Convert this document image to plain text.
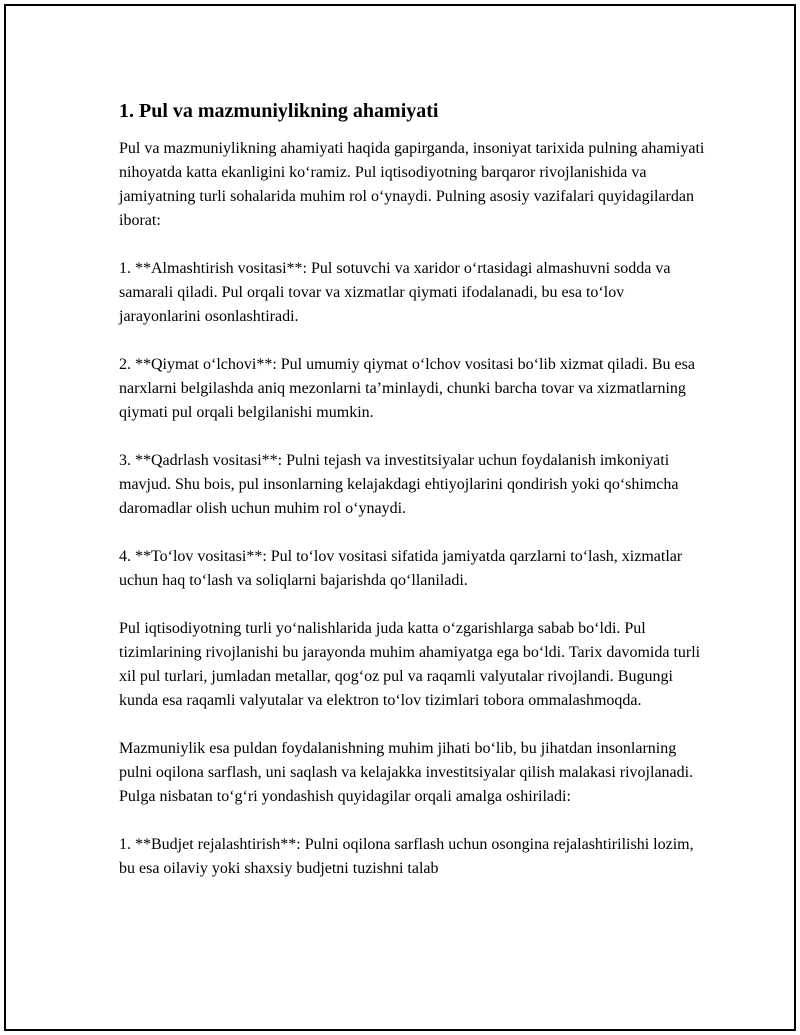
1. Pul va mazmuniylikning ahamiyati

Pul va mazmuniylikning ahamiyati haqida gapirganda, insoniyat tarixida pulning ahamiyati nihoyatda katta ekanligini koʻramiz. Pul iqtisodiyotning barqaror rivojlanishida va jamiyatning turli sohalarida muhim rol oʻynaydi. Pulning asosiy vazifalari quyidagilardan iborat:

1. **Almashtirish vositasi**: Pul sotuvchi va xaridor oʻrtasidagi almashuvni sodda va samarali qiladi. Pul orqali tovar va xizmatlar qiymati ifodalanadi, bu esa toʻlov jarayonlarini osonlashtiradi.

2. **Qiymat oʻlchovi**: Pul umumiy qiymat oʻlchov vositasi boʻlib xizmat qiladi. Bu esa narxlarni belgilashda aniq mezonlarni taʼminlaydi, chunki barcha tovar va xizmatlarning qiymati pul orqali belgilanishi mumkin.

3. **Qadrlash vositasi**: Pulni tejash va investitsiyalar uchun foydalanish imkoniyati mavjud. Shu bois, pul insonlarning kelajakdagi ehtiyojlarini qondirish yoki qoʻshimcha daromadlar olish uchun muhim rol oʻynaydi.

4. **Toʻlov vositasi**: Pul toʻlov vositasi sifatida jamiyatda qarzlarni toʻlash, xizmatlar uchun haq toʻlash va soliqlarni bajarishda qoʻllaniladi.

Pul iqtisodiyotning turli yoʻnalishlarida juda katta oʻzgarishlarga sabab boʻldi. Pul tizimlarining rivojlanishi bu jarayonda muhim ahamiyatga ega boʻldi. Tarix davomida turli xil pul turlari, jumladan metallar, qogʻoz pul va raqamli valyutalar rivojlandi. Bugungi kunda esa raqamli valyutalar va elektron toʻlov tizimlari tobora ommalashmoqda.

Mazmuniylik esa puldan foydalanishning muhim jihati boʻlib, bu jihatdan insonlarning pulni oqilona sarflash, uni saqlash va kelajakka investitsiyalar qilish malakasi rivojlanadi. Pulga nisbatan toʻgʻri yondashish quyidagilar orqali amalga oshiriladi:

1. **Budjet rejalashtirish**: Pulni oqilona sarflash uchun osongina rejalashtirilishi lozim, bu esa oilaviy yoki shaxsiy budjetni tuzishni talab
